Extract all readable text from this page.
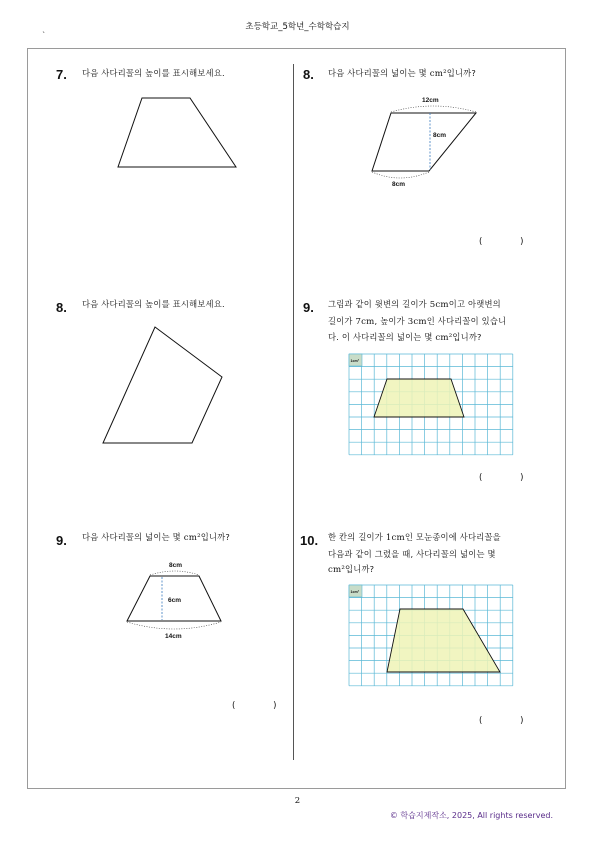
초등학교_5학년_수학학습지
`
7. 다음 사다리꼴의 높이를 표시해보세요.	8. 다음 사다리꼴의 넓이는 몇 cm²입니까?
12cm
8cm
8cm
(              )
8. 다음 사다리꼴의 높이를 표시해보세요.	9. 그림과 같이 윗변의 길이가 5cm이고 아랫변의
길이가 7cm, 높이가 3cm인 사다리꼴이 있습니
다. 이 사다리꼴의 넓이는 몇 cm²입니까?
1cm²
(              )
9. 다음 사다리꼴의 넓이는 몇 cm²입니까?
8cm
6cm
14cm
(              )
10. 한 칸의 길이가 1cm인 모눈종이에 사다리꼴을
다음과 같이 그렸을 때, 사다리꼴의 넓이는 몇
cm²입니까?
1cm²
(              )
2
© 학습지제작소, 2025, All rights reserved.
